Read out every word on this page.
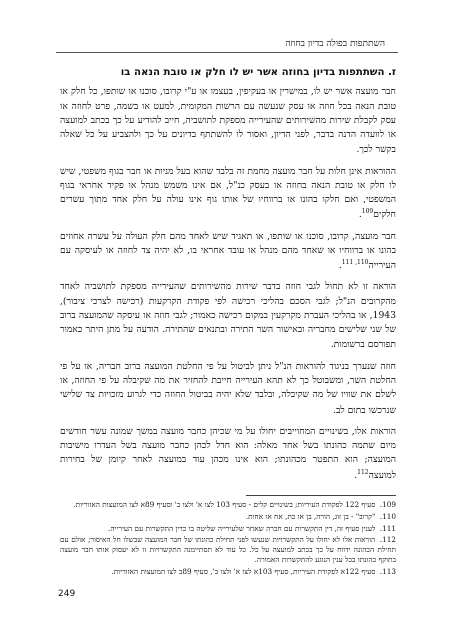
השתתפות בפולה בדיון בחוזה

ז. השתתפות בדיון בחוזה אשר יש לו חלק או טובת הנאה בו

חבר מועצה אשר יש לו, במישרין או בעקיפין, בעצמו או ע"י קרובו, סוכנו או שותפו, כל חלק או טובת הנאה בכל חוזה או עסק שנעשה עם הרשות המקומית, למעט או בשמה, פרט לחוזה או עסק לקבלת שירות מהשירותים שהעירייה מספקת לתושביה, חייב להודיע על כך בכתב למועצה או לוועדה הדנה בדבר, לפני הדיון, ואסור לו להשתתף בדיונים על כך ולהצביע על כל שאלה בקשר לכך.

ההוראות אינן חלות על חבר מועצה מחמת זה בלבד שהוא בעל מניות או חבר בגוף משפטי, שיש לו חלק או טובת הנאה בחוזה או בעסק כנ"ל, אם אינו משמש מנהל או פקיד אחראי בגוף המשפטי, ואם חלקו בהונו או ברווחיו של אותו גוף אינו עולה על חלק אחד מתוך עשרים חלקים$^{109}$.

חבר מועצה, קרובו, סוכנו או שותפו, או תאגיד שיש לאחד מהם חלק העולה על עשרה אחוזים בהונו או ברווחיו או שאחד מהם מנהל או עובד אחראי בו, לא יהיה צד לחוזה או לעיסקה עם העירייה$^{110, 111}$.

הוראה זו לא תחול לגבי חוזה בדבר שירות מהשירותים שהעירייה מספקת לתושביה לאחד מהקרובים הנ"ל; לגבי הסכם בהליכי רכישה לפי פקודת הקרקעות (רכישה לצרכי ציבור), 1943, או בהליכי העברת מקרקעין במקום רכישה כאמור; לגבי חוזה או עיסקה שהמועצה ברוב של שני שלישים מחבריה ובאישור השר התירה ובתנאים שהתירה. הודעה על מתן היתר כאמור תפורסם ברשומות.

חוזה שנערך בניגוד להוראות הנ"ל ניתן לביטול על פי החלטת המועצה ברוב חבריה, או על פי החלטת השר, ומשבוטל כך לא תהא העירייה חייבת להחזיר את מה שקיבלה על פי החוזה, או לשלם את שוויו של מה שקיבלה, ובלבד שלא יהיה בביטול החוזה כדי לגרוע מזכויות צד שלישי שנרכשו בתום לב.

הוראות אלו, בשינויים המחוייבים יחולו על מי שכיהן כחבר מועצה במשך שמונה עשר חודשים מיום שתמה כהונתו בשל אחד מאלה: הוא חדל לכהן כחבר מועצה בשל העדרו מישיבות המועצה; הוא התפטר מכהונתו; הוא אינו מכהן עוד במועצה לאחר קיומן של בחירות למועצה$^{112}$.

109. סעיף 122 לפקודת העיריות; בשינויים קלים - סעיף 103 לצו א' ולצו ב' וסעיף 89א לצו המועצות האזוריות.

110. "קרוב" - בן זוג, הורה, בן או בת, אח או אחות.

111. לענין סעיף זה, דין התקשרות עם חברה שאחר שלעירייה שליטה בו כדין התקשרות עם העירייה.

112. הוראות אלו לא יחולו על התקשרויות שנעשו לפני תחילת כהונתו של חבר המועצה שבשלו חל האיסור; אולם עם תחילת הכהונה ידווח על כך בכתב למועצה על כל. כל עוד לא תסתיימנה התקשרויות זו לא יעסוק אותו חבר מועצה בתוקף כהונתו בכל ענין הנוגע להתקשרות האמורה.

113. סעיף 122א לפקודת העיריות, סעיף 103א לצו א' ולצו ב', סעיף 89ב לצו המועצות האזוריות.

249
